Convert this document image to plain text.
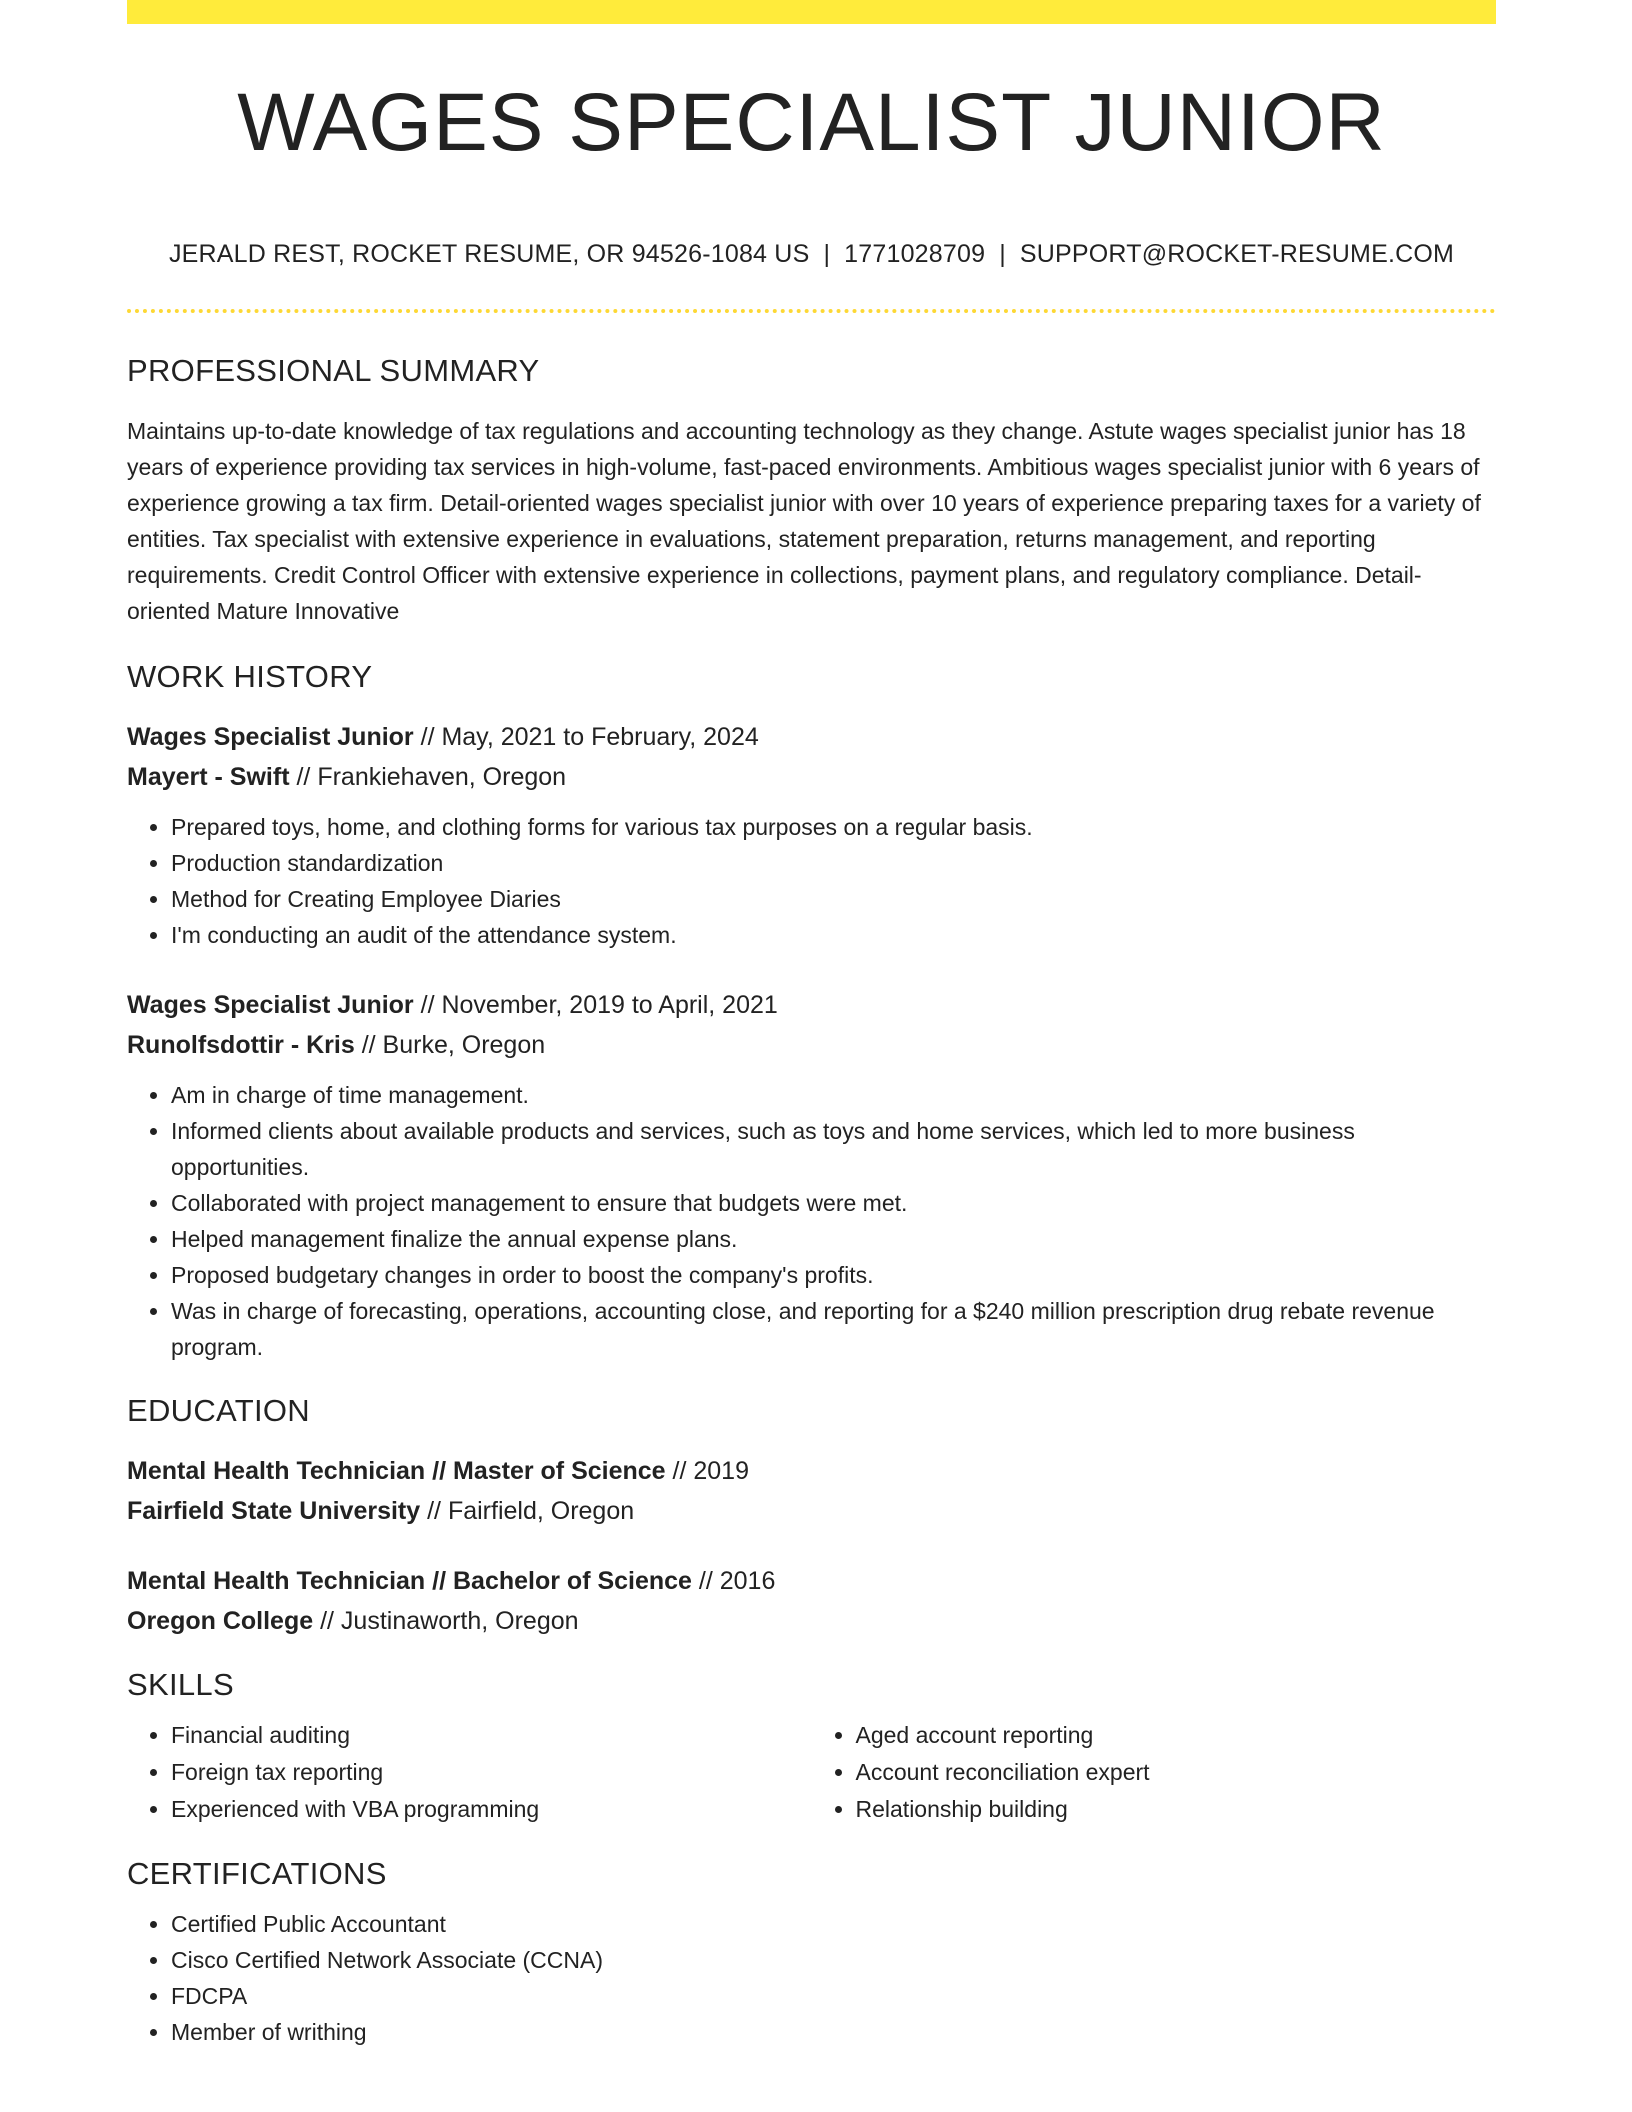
WAGES SPECIALIST JUNIOR
JERALD REST, ROCKET RESUME, OR 94526-1084 US | 1771028709 | SUPPORT@ROCKET-RESUME.COM
PROFESSIONAL SUMMARY

Maintains up-to-date knowledge of tax regulations and accounting technology as they change. Astute wages specialist junior has 18 years of experience providing tax services in high-volume, fast-paced environments. Ambitious wages specialist junior with 6 years of experience growing a tax firm. Detail-oriented wages specialist junior with over 10 years of experience preparing taxes for a variety of entities. Tax specialist with extensive experience in evaluations, statement preparation, returns management, and reporting requirements. Credit Control Officer with extensive experience in collections, payment plans, and regulatory compliance. Detail-oriented Mature Innovative

WORK HISTORY
Wages Specialist Junior // May, 2021 to February, 2024
Mayert - Swift // Frankiehaven, Oregon
• Prepared toys, home, and clothing forms for various tax purposes on a regular basis.
• Production standardization
• Method for Creating Employee Diaries
• I'm conducting an audit of the attendance system.
Wages Specialist Junior // November, 2019 to April, 2021
Runolfsdottir - Kris // Burke, Oregon
• Am in charge of time management.
• Informed clients about available products and services, such as toys and home services, which led to more business opportunities.
• Collaborated with project management to ensure that budgets were met.
• Helped management finalize the annual expense plans.
• Proposed budgetary changes in order to boost the company's profits.
• Was in charge of forecasting, operations, accounting close, and reporting for a $240 million prescription drug rebate revenue program.
EDUCATION
Mental Health Technician // Master of Science // 2019
Fairfield State University // Fairfield, Oregon
Mental Health Technician // Bachelor of Science // 2016
Oregon College // Justinaworth, Oregon
SKILLS
• Financial auditing
• Foreign tax reporting
• Experienced with VBA programming
• Aged account reporting
• Account reconciliation expert
• Relationship building
CERTIFICATIONS
• Certified Public Accountant
• Cisco Certified Network Associate (CCNA)
• FDCPA
• Member of writhing
